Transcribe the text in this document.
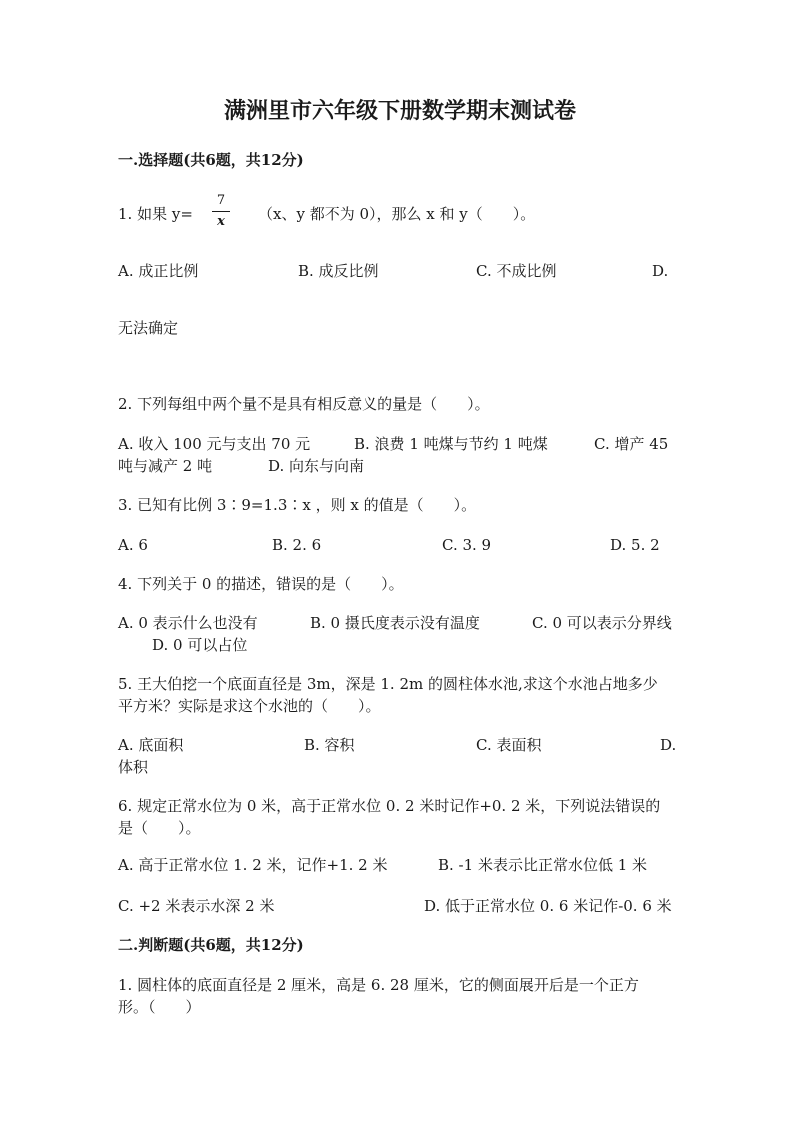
满洲里市六年级下册数学期末测试卷
一.选择题(共6题，共12分)
1. 如果 y=
7
x	（x、y 都不为 0），那么 x 和 y（　　）。
A. 成正比例	B. 成反比例	C. 不成比例	D.
无法确定
2. 下列每组中两个量不是具有相反意义的量是（　　）。
A. 收入 100 元与支出 70 元	B. 浪费 1 吨煤与节约 1 吨煤	C. 增产 45
吨与减产 2 吨	D. 向东与向南
3. 已知有比例 3∶9=1.3∶x ，则 x 的值是（　　）。
A. 6	B. 2. 6	C. 3. 9	D. 5. 2
4. 下列关于 0 的描述，错误的是（　　）。
A. 0 表示什么也没有	B. 0 摄氏度表示没有温度	C. 0 可以表示分界线
D. 0 可以占位
5. 王大伯挖一个底面直径是 3m，深是 1. 2m 的圆柱体水池,求这个水池占地多少
平方米？实际是求这个水池的（　　）。
A. 底面积	B. 容积	C. 表面积	D.
体积
6. 规定正常水位为 0 米，高于正常水位 0. 2 米时记作+0. 2 米，下列说法错误的
是（　　）。
A. 高于正常水位 1. 2 米，记作+1. 2 米	B. -1 米表示比正常水位低 1 米
C. +2 米表示水深 2 米	D. 低于正常水位 0. 6 米记作-0. 6 米
二.判断题(共6题，共12分)
1. 圆柱体的底面直径是 2 厘米，高是 6. 28 厘米，它的侧面展开后是一个正方
形。（　　）
